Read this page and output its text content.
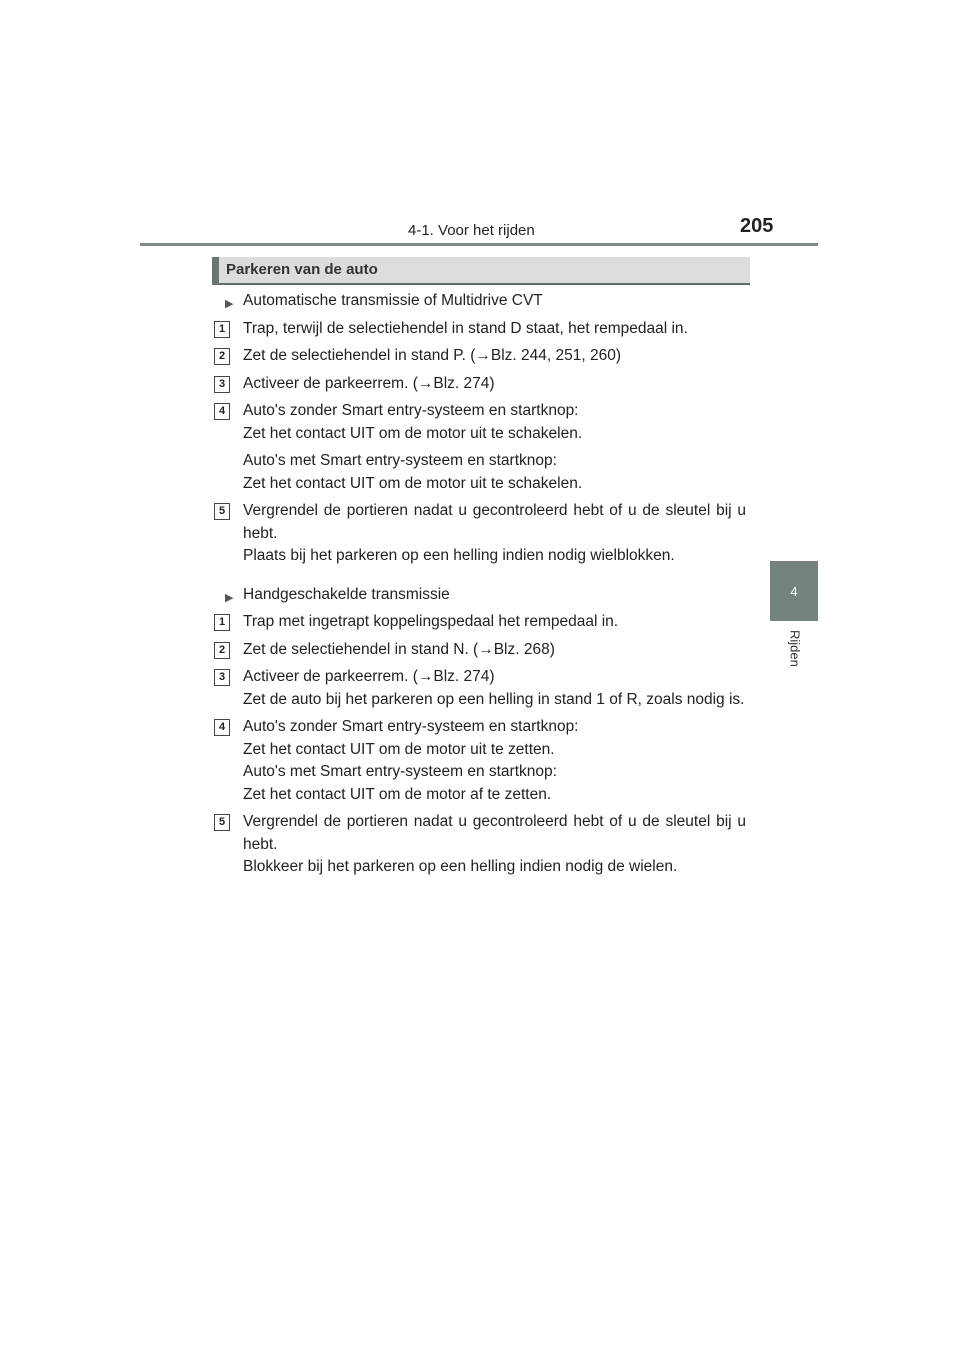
4-1. Voor het rijden	205
4
Rijden
Parkeren van de auto
▶ Automatische transmissie of Multidrive CVT
1	Trap, terwijl de selectiehendel in stand D staat, het rempedaal in.

2	Zet de selectiehendel in stand P. (→Blz. 244, 251, 260)

3	Activeer de parkeerrem. (→Blz. 274)

4	Auto's zonder Smart entry-systeem en startknop:

Zet het contact UIT om de motor uit te schakelen.

Auto's met Smart entry-systeem en startknop:

Zet het contact UIT om de motor uit te schakelen.

5	Vergrendel de portieren nadat u gecontroleerd hebt of u de sleutel bij u hebt.

Plaats bij het parkeren op een helling indien nodig wielblokken.

▶ Handgeschakelde transmissie
1	Trap met ingetrapt koppelingspedaal het rempedaal in.

2	Zet de selectiehendel in stand N. (→Blz. 268)

3	Activeer de parkeerrem. (→Blz. 274)

Zet de auto bij het parkeren op een helling in stand 1 of R, zoals nodig is.

4	Auto's zonder Smart entry-systeem en startknop:

Zet het contact UIT om de motor uit te zetten.

Auto's met Smart entry-systeem en startknop:

Zet het contact UIT om de motor af te zetten.

5	Vergrendel de portieren nadat u gecontroleerd hebt of u de sleutel bij u hebt.

Blokkeer bij het parkeren op een helling indien nodig de wielen.
